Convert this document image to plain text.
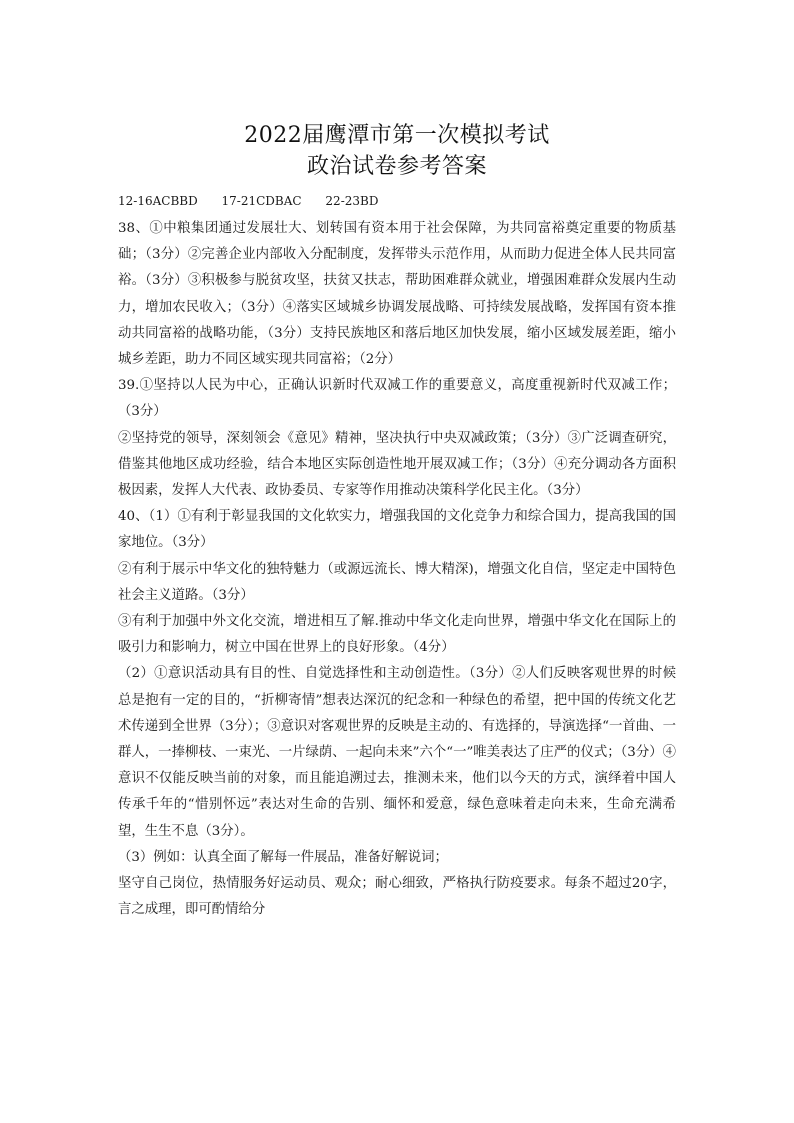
2022届鹰潭市第一次模拟考试
政治试卷参考答案
12-16ACBBD 17-21CDBAC 22-23BD

38、①中粮集团通过发展壮大、划转国有资本用于社会保障，为共同富裕奠定重要的物质基础；（3分）②完善企业内部收入分配制度，发挥带头示范作用，从而助力促进全体人民共同富裕。（3分）③积极参与脱贫攻坚，扶贫又扶志，帮助困难群众就业，增强困难群众发展内生动力，增加农民收入；（3分）④落实区域城乡协调发展战略、可持续发展战略，发挥国有资本推动共同富裕的战略功能，（3分）支持民族地区和落后地区加快发展，缩小区域发展差距，缩小城乡差距，助力不同区域实现共同富裕；（2分）

39.①坚持以人民为中心，正确认识新时代双减工作的重要意义，高度重视新时代双减工作；（3分）

②坚持党的领导，深刻领会《意见》精神，坚决执行中央双减政策；（3分）③广泛调查研究，借鉴其他地区成功经验，结合本地区实际创造性地开展双减工作；（3分）④充分调动各方面积极因素，发挥人大代表、政协委员、专家等作用推动决策科学化民主化。（3分）

40、（1）①有利于彰显我国的文化软实力，增强我国的文化竞争力和综合国力，提高我国的国家地位。（3分）

②有利于展示中华文化的独特魅力（或源远流长、博大精深)，增强文化自信，坚定走中国特色社会主义道路。（3分）

③有利于加强中外文化交流，增进相互了解.推动中华文化走向世界，增强中华文化在国际上的吸引力和影响力，树立中国在世界上的良好形象。（4分）

（2）①意识活动具有目的性、自觉选择性和主动创造性。（3分）②人们反映客观世界的时候总是抱有一定的目的，“折柳寄情”想表达深沉的纪念和一种绿色的希望，把中国的传统文化艺术传递到全世界（3分）；③意识对客观世界的反映是主动的、有选择的，导演选择“一首曲、一群人，一捧柳枝、一束光、一片绿荫、一起向未来”六个“一”唯美表达了庄严的仪式；（3分）④意识不仅能反映当前的对象，而且能追溯过去，推测未来，他们以今天的方式，演绎着中国人传承千年的“惜别怀远”表达对生命的告别、缅怀和爱意，绿色意味着走向未来，生命充满希望，生生不息（3分）。

（3）例如：认真全面了解每一件展品，准备好解说词；

坚守自己岗位，热情服务好运动员、观众；耐心细致，严格执行防疫要求。每条不超过20字，言之成理，即可酌情给分
